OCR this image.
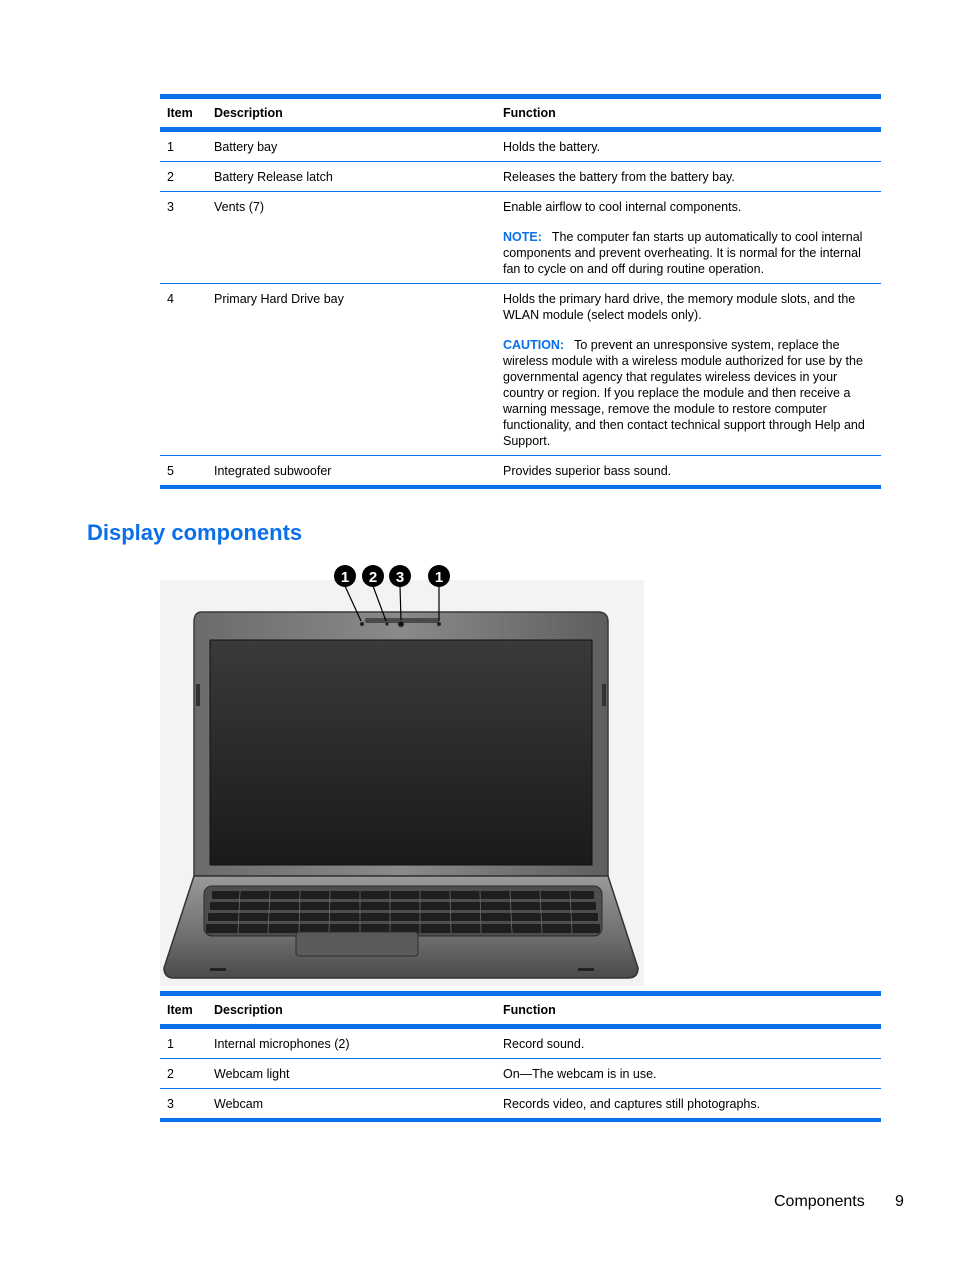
Item	Description	Function
1	Battery bay	Holds the battery.
2	Battery Release latch	Releases the battery from the battery bay.
3	Vents (7)	Enable airflow to cool internal components.
NOTE: The computer fan starts up automatically to cool internal components and prevent overheating. It is normal for the internal fan to cycle on and off during routine operation.
4	Primary Hard Drive bay	Holds the primary hard drive, the memory module slots, and the WLAN module (select models only).
CAUTION: To prevent an unresponsive system, replace the wireless module with a wireless module authorized for use by the governmental agency that regulates wireless devices in your country or region. If you replace the module and then receive a warning message, remove the module to restore computer functionality, and then contact technical support through Help and Support.
5	Integrated subwoofer	Provides superior bass sound.
Display components
1 2 3 1
Item	Description	Function
1	Internal microphones (2)	Record sound.
2	Webcam light	On—The webcam is in use.
3	Webcam	Records video, and captures still photographs.
Components 9
